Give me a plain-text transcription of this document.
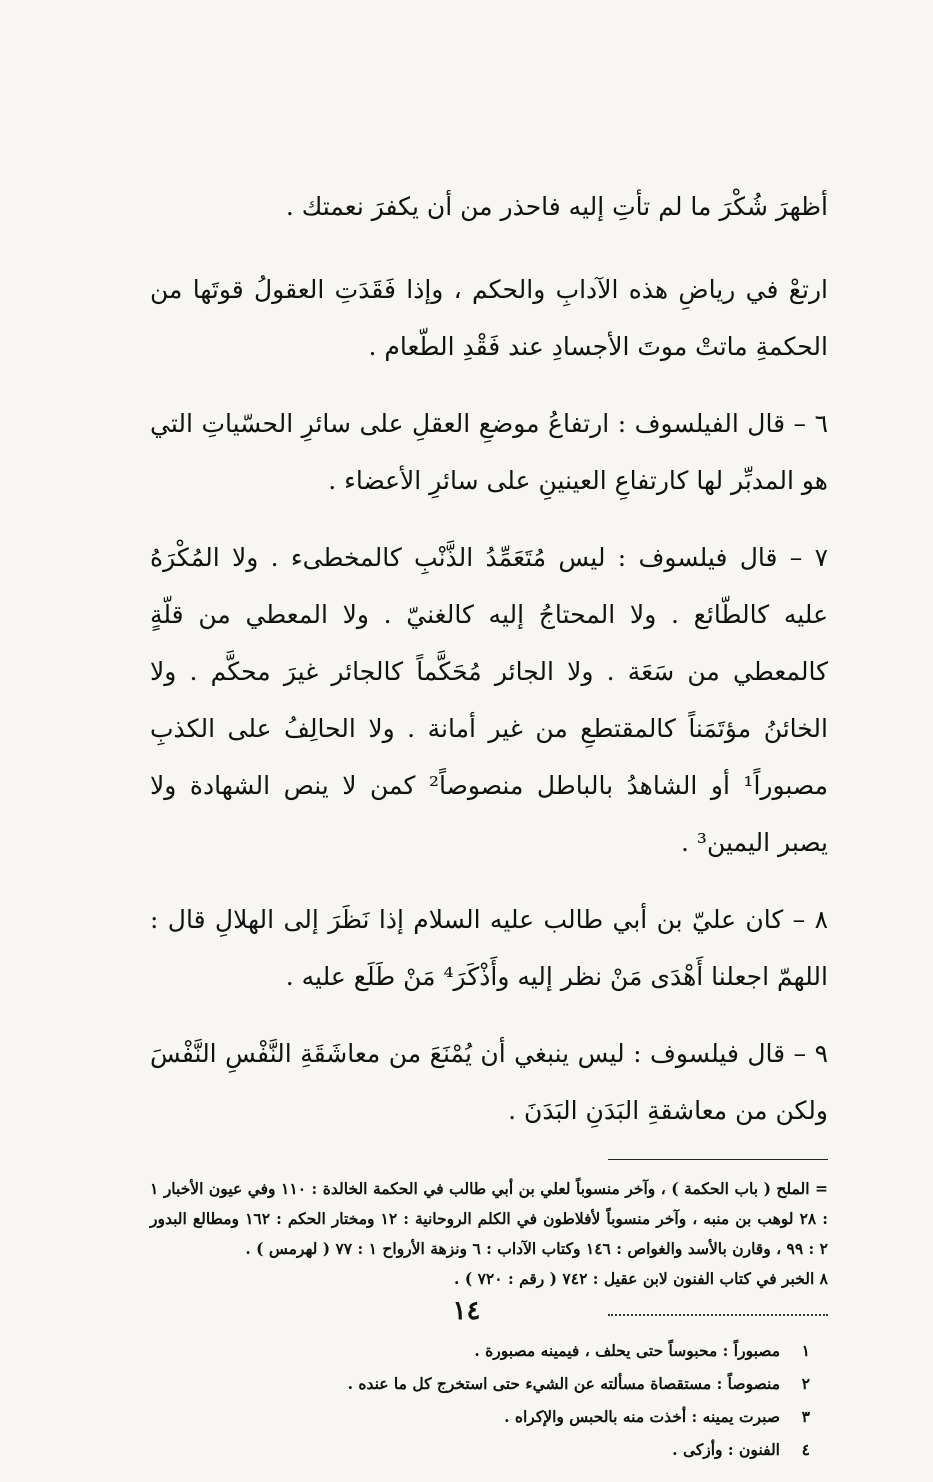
أظهرَ شُكْرَ ما لم تأتِ إليه فاحذر من أن يكفرَ نعمتك .

ارتعْ في رياضِ هذه الآدابِ والحكم ، وإذا فَقَدَتِ العقولُ قوتَها من الحكمةِ ماتتْ موتَ الأجسادِ عند فَقْدِ الطّعام .

٦ – قال الفيلسوف : ارتفاعُ موضعِ العقلِ على سائرِ الحسّياتِ التي هو المدبِّر لها كارتفاعِ العينينِ على سائرِ الأعضاء .

٧ – قال فيلسوف : ليس مُتَعَمِّدُ الذَّنْبِ كالمخطىء . ولا المُكْرَهُ عليه كالطّائع . ولا المحتاجُ إليه كالغنيّ . ولا المعطي من قلّةٍ كالمعطي من سَعَة . ولا الجائر مُحَكَّماً كالجائر غيرَ محكَّم . ولا الخائنُ مؤتَمَناً كالمقتطعِ من غير أمانة . ولا الحالِفُ على الكذبِ مصبوراً¹ أو الشاهدُ بالباطل منصوصاً² كمن لا ينص الشهادة ولا يصبر اليمين³ .

٨ – كان عليّ بن أبي طالب عليه السلام إذا نَظَرَ إلى الهلالِ قال : اللهمّ اجعلنا أَهْدَى مَنْ نظر إليه وأَذْكَرَ⁴ مَنْ طَلَع عليه .

٩ – قال فيلسوف : ليس ينبغي أن يُمْنَعَ من معاشَقَةِ النَّفْسِ النَّفْسَ ولكن من معاشقةِ البَدَنِ البَدَنَ .

= الملح ( باب الحكمة ) ، وآخر منسوباً لعلي بن أبي طالب في الحكمة الخالدة : ١١٠ وفي عيون الأخبار ١ : ٢٨ لوهب بن منبه ، وآخر منسوباً لأفلاطون في الكلم الروحانية : ١٢ ومختار الحكم : ١٦٢ ومطالع البدور ٢ : ٩٩ ، وقارن بالأسد والغواص : ١٤٦ وكتاب الآداب : ٦ ونزهة الأرواح ١ : ٧٧ ( لهرمس ) .

٨ الخبر في كتاب الفنون لابن عقيل : ٧٤٢ ( رقم : ٧٢٠ ) .
١
مصبوراً : محبوساً حتى يحلف ، فيمينه مصبورة .
٢
منصوصاً : مستقصاة مسألته عن الشيء حتى استخرج كل ما عنده .
٣
صبرت يمينه : أخذت منه بالحبس والإكراه .
٤
الفنون : وأزكى .
١٤
